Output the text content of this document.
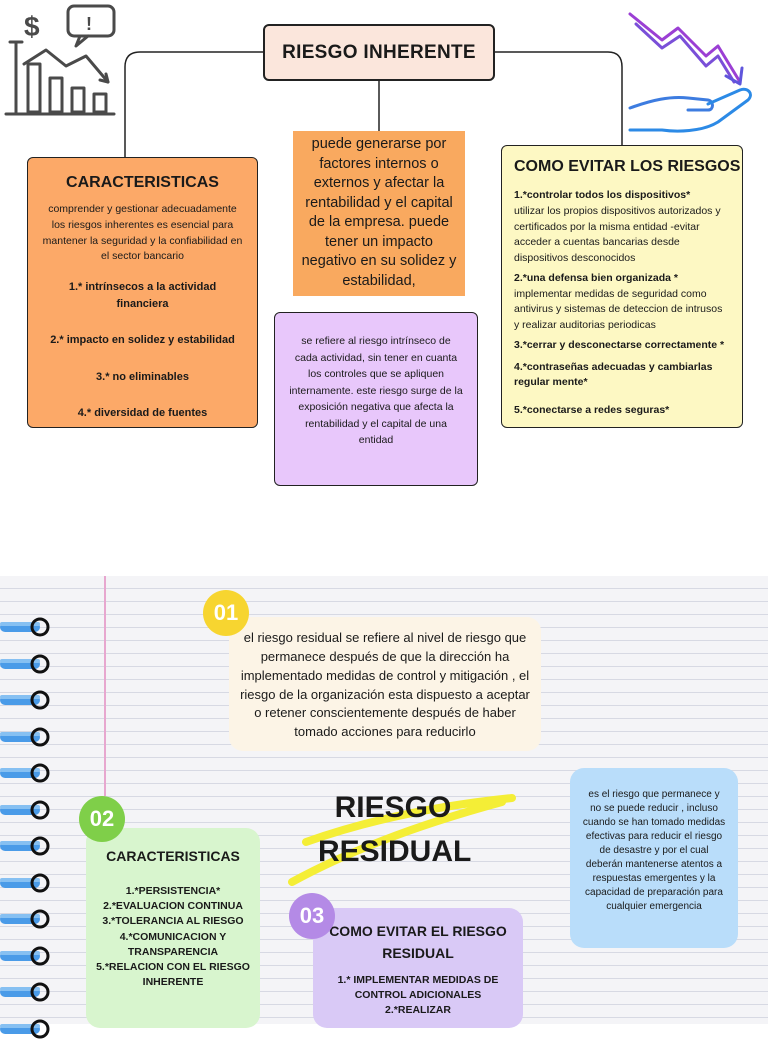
$	!
RIESGO INHERENTE
CARACTERISTICAS

comprender y gestionar adecuadamente los riesgos inherentes es esencial para mantener la seguridad y la confiabilidad en el sector bancario

1.* intrínsecos a la actividad financiera

2.* impacto en solidez y estabilidad

3.* no eliminables

4.* diversidad de fuentes

puede generarse por factores internos o externos y afectar la rentabilidad y el capital de la empresa. puede tener un impacto negativo en su solidez y estabilidad,
se refiere al riesgo intrínseco de cada actividad, sin tener en cuanta los controles que se apliquen internamente. este riesgo surge de la exposición negativa que afecta la rentabilidad y el capital de una entidad
COMO EVITAR LOS RIESGOS
1.*controlar todos los dispositivos*
utilizar los propios dispositivos autorizados y certificados por la misma entidad -evitar acceder a cuentas bancarias desde dispositivos desconocidos
2.*una defensa bien organizada *
implementar medidas de seguridad como antivirus y sistemas de deteccion de intrusos y realizar auditorias periodicas
3.*cerrar y desconectarse correctamente *
4.*contraseñas adecuadas y cambiarlas regular mente*
5.*conectarse a redes seguras*
el riesgo residual se refiere al nivel de riesgo que permanece después de que la dirección ha implementado medidas de control y mitigación , el riesgo de la organización esta dispuesto a aceptar o retener conscientemente después de haber tomado acciones para reducirlo
01
RIESGO
RESIDUAL
es el riesgo que permanece y no se puede reducir , incluso cuando se han tomado medidas efectivas para reducir el riesgo de desastre y por el cual deberán mantenerse atentos a respuestas emergentes y la capacidad de preparación para cualquier emergencia
CARACTERISTICAS
1.*PERSISTENCIA*
2.*EVALUACION CONTINUA
3.*TOLERANCIA AL RIESGO
4.*COMUNICACION Y TRANSPARENCIA
5.*RELACION CON EL RIESGO INHERENTE
02
COMO EVITAR EL RIESGO RESIDUAL
1.* IMPLEMENTAR MEDIDAS DE CONTROL ADICIONALES
2.*REALIZAR
03
